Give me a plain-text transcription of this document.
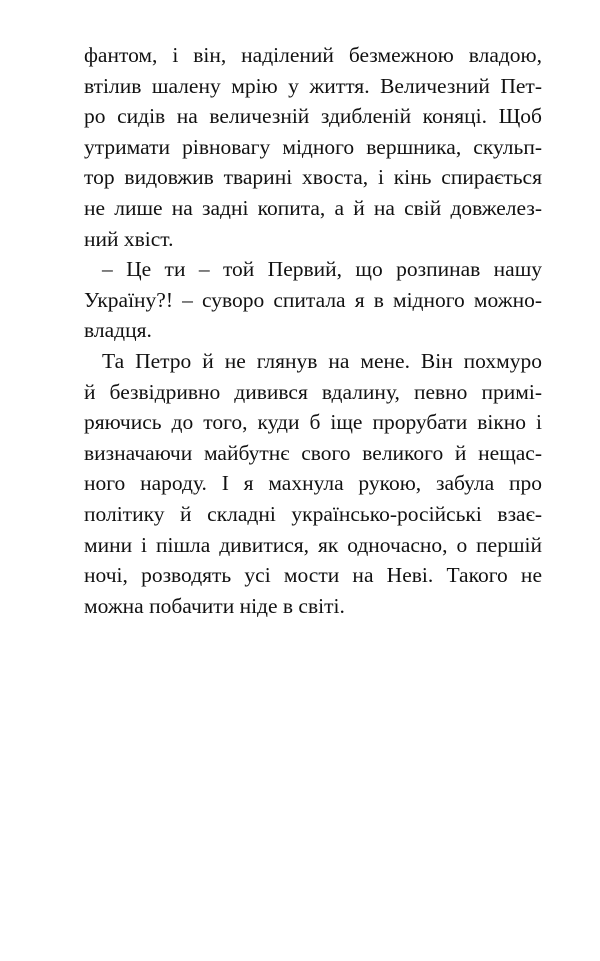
фантом, і він, наділений безмежною владою,
втілив шалену мрію у життя. Величезний Пет-
ро сидів на величезній здибленій коняці. Щоб
утримати рівновагу мідного вершника, скульп-
тор видовжив тварині хвоста, і кінь спирається
не лише на задні копита, а й на свій довжелез-
ний хвіст.
– Це ти – той Первий, що розпинав нашу
Україну?! – суворо спитала я в мідного можно-
владця.
Та Петро й не глянув на мене. Він похмуро
й безвідривно дивився вдалину, певно примі-
ряючись до того, куди б іще прорубати вікно і
визначаючи майбутнє свого великого й нещас-
ного народу. І я махнула рукою, забула про
політику й складні українсько-російські взає-
мини і пішла дивитися, як одночасно, о першій
ночі, розводять усі мости на Неві. Такого не
можна побачити ніде в світі.
